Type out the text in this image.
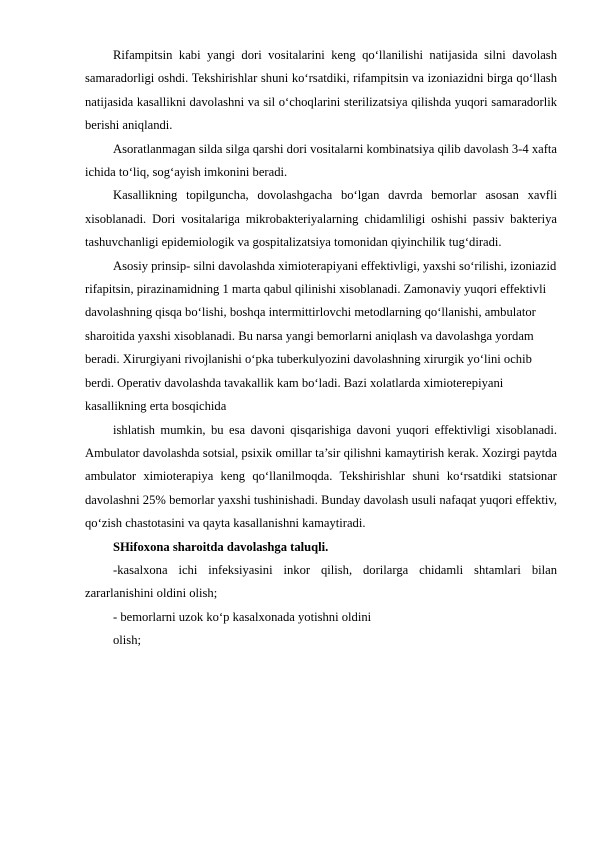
Rifampitsin kabi yangi dori vositalarini keng qo‘llanilishi natijasida silni davolash samaradorligi oshdi. Tekshirishlar shuni ko‘rsatdiki, rifampitsin va izoniazidni birga qo‘llash natijasida kasallikni davolashni va sil o‘choqlarini sterilizatsiya qilishda yuqori samaradorlik berishi aniqlandi.

Asoratlanmagan silda silga qarshi dori vositalarni kombinatsiya qilib davolash 3-4 xafta ichida to‘liq, sog‘ayish imkonini beradi.

Kasallikning topilguncha, dovolashgacha bo‘lgan davrda bemorlar asosan xavfli xisoblanadi. Dori vositalariga mikrobakteriyalarning chidamliligi oshishi passiv bakteriya tashuvchanligi epidemiologik va gospitalizatsiya tomonidan qiyinchilik tug‘diradi.

Asosiy prinsip- silni davolashda ximioterapiyani effektivligi, yaxshi so‘rilishi, izoniazid rifapitsin, pirazinamidning 1 marta qabul qilinishi xisoblanadi. Zamonaviy yuqori effektivli davolashning qisqa bo‘lishi, boshqa intermittirlovchi metodlarning qo‘llanishi, ambulator sharoitida yaxshi xisoblanadi. Bu narsa yangi bemorlarni aniqlash va davolashga yordam beradi. Xirurgiyani rivojlanishi o‘pka tuberkulyozini davolashning xirurgik yo‘lini ochib berdi. Operativ davolashda tavakallik kam bo‘ladi. Bazi xolatlarda ximioterepiyani kasallikning erta bosqichida

ishlatish mumkin, bu esa davoni qisqarishiga davoni yuqori effektivligi xisoblanadi. Ambulator davolashda sotsial, psixik omillar ta’sir qilishni kamaytirish kerak. Xozirgi paytda ambulator ximioterapiya keng qo‘llanilmoqda. Tekshirishlar shuni ko‘rsatdiki statsionar davolashni 25% bemorlar yaxshi tushinishadi. Bunday davolash usuli nafaqat yuqori effektiv, qo‘zish chastotasini va qayta kasallanishni kamaytiradi.

SHifoxona sharoitda davolashga taluqli.

-kasalxona ichi infeksiyasini inkor qilish, dorilarga chidamli shtamlari bilan zararlanishini oldini olish;

- bemorlarni uzok ko‘p kasalxonada yotishni oldini

olish;
